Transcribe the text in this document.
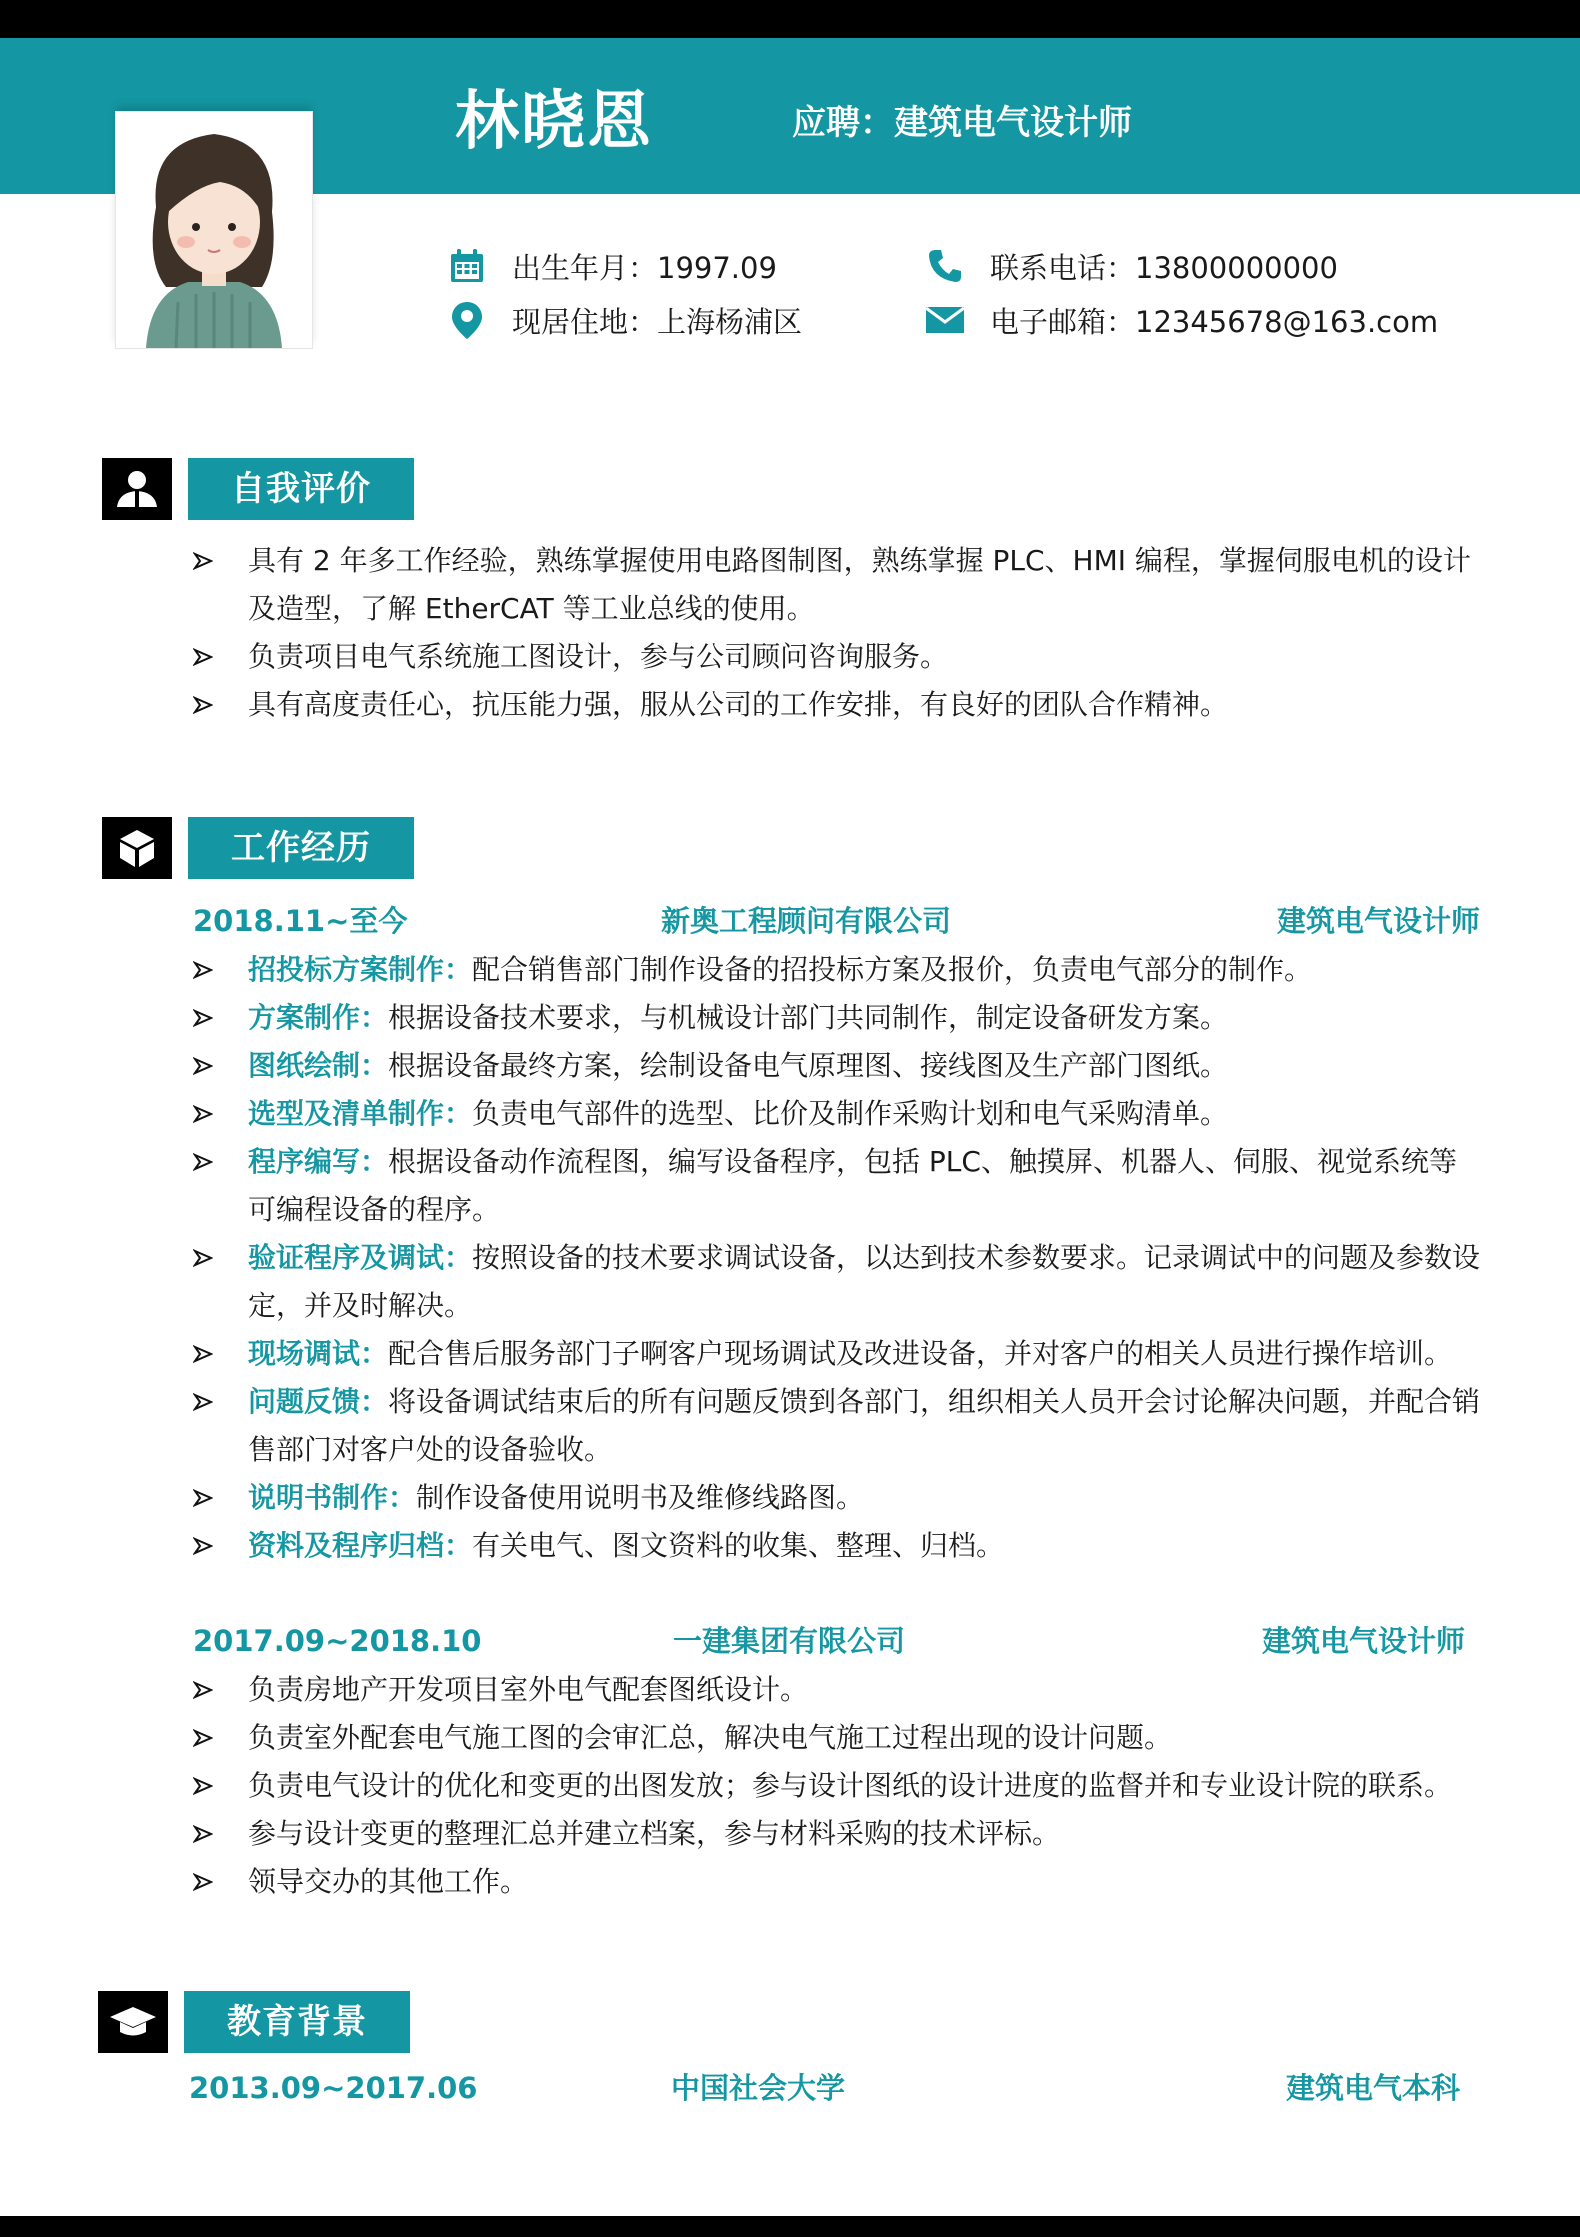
林晓恩	应聘：建筑电气设计师
出生年月：1997.09
现居住地：上海杨浦区
联系电话：13800000000
电子邮箱：12345678@163.com
自我评价
具有 2 年多工作经验，熟练掌握使用电路图制图，熟练掌握 PLC、HMI 编程，掌握伺服电机的设计及造型，了解 EtherCAT 等工业总线的使用。
负责项目电气系统施工图设计，参与公司顾问咨询服务。
具有高度责任心，抗压能力强，服从公司的工作安排，有良好的团队合作精神。
工作经历
2018.11~至今	新奥工程顾问有限公司	建筑电气设计师
招投标方案制作：配合销售部门制作设备的招投标方案及报价，负责电气部分的制作。
方案制作：根据设备技术要求，与机械设计部门共同制作，制定设备研发方案。
图纸绘制：根据设备最终方案，绘制设备电气原理图、接线图及生产部门图纸。
选型及清单制作：负责电气部件的选型、比价及制作采购计划和电气采购清单。
程序编写：根据设备动作流程图，编写设备程序，包括 PLC、触摸屏、机器人、伺服、视觉系统等可编程设备的程序。
验证程序及调试：按照设备的技术要求调试设备，以达到技术参数要求。记录调试中的问题及参数设定，并及时解决。
现场调试：配合售后服务部门子啊客户现场调试及改进设备，并对客户的相关人员进行操作培训。
问题反馈：将设备调试结束后的所有问题反馈到各部门，组织相关人员开会讨论解决问题，并配合销售部门对客户处的设备验收。
说明书制作：制作设备使用说明书及维修线路图。
资料及程序归档：有关电气、图文资料的收集、整理、归档。
2017.09~2018.10	一建集团有限公司	建筑电气设计师
负责房地产开发项目室外电气配套图纸设计。
负责室外配套电气施工图的会审汇总，解决电气施工过程出现的设计问题。
负责电气设计的优化和变更的出图发放；参与设计图纸的设计进度的监督并和专业设计院的联系。
参与设计变更的整理汇总并建立档案，参与材料采购的技术评标。
领导交办的其他工作。
教育背景
2013.09~2017.06	中国社会大学	建筑电气本科
